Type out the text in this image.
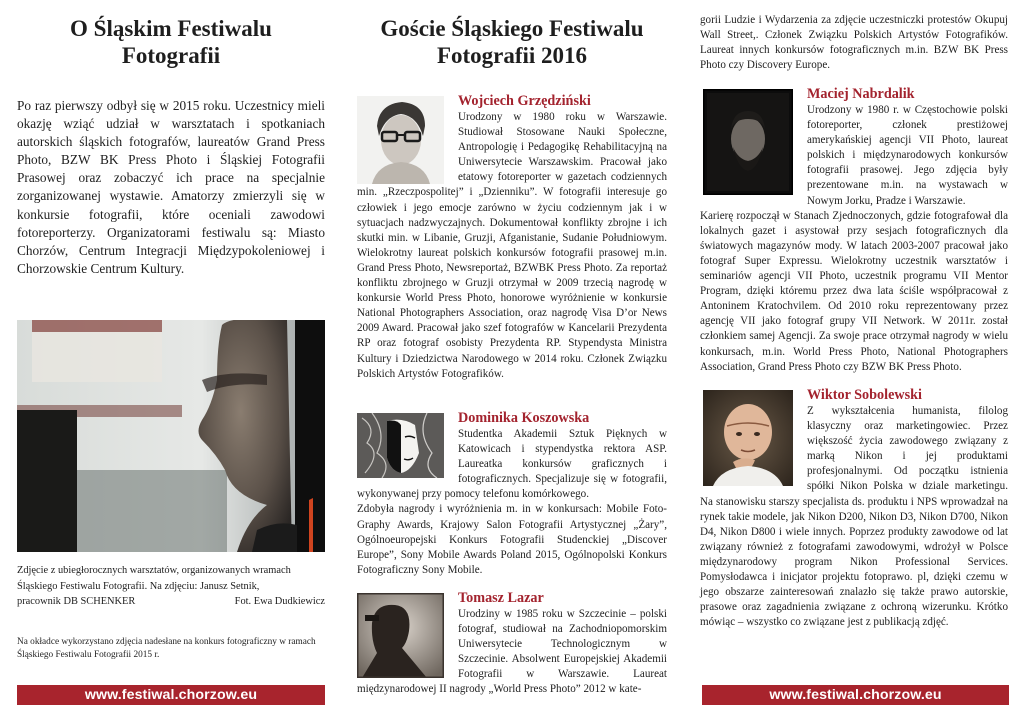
O Śląskim Festiwalu
Fotografii

Po raz pierwszy odbył się w 2015 roku. Uczestnicy mieli okazję wziąć udział w warsztatach i spotkaniach autorskich śląskich fotografów, laureatów Grand Press Photo, BZW BK Press Photo i Śląskiej Fotografii Prasowej oraz zobaczyć ich prace na specjalnie zorganizowanej wystawie. Amatorzy zmierzyli się w konkursie fotografii, które oceniali zawodowi fotoreporterzy. Organizatorami festiwalu są: Miasto Chorzów, Centrum Integracji Międzypokoleniowej i Chorzowskie Centrum Kultury.

Zdjęcie z ubiegłorocznych warsztatów, organizowanych wramach
Śląskiego Festiwalu Fotografii. Na zdjęciu: Janusz Setnik,
pracownik DB SCHENKER	Fot. Ewa Dudkiewicz

Na okładce wykorzystano zdjęcia nadesłane na konkurs fotograficzny w ramach Śląskiego Festiwalu Fotografii 2015 r.

www.festiwal.chorzow.eu
Goście Śląskiego Festiwalu
Fotografii 2016
Wojciech Grzędziński

Urodzony w 1980 roku w Warszawie. Studiował Stosowane Nauki Społeczne, Antropologię i Pedagogikę Rehabilitacyjną na Uniwersytecie Warszawskim. Pracował jako etatowy fotoreporter w gazetach codziennych min. „Rzeczpospolitej” i „Dzienniku”. W fotografii interesuje go człowiek i jego emocje zarówno w życiu codziennym jak i w sytuacjach nadzwyczajnych. Dokumentował konflikty zbrojne i ich skutki min. w Libanie, Gruzji, Afganistanie, Sudanie Południowym. Wielokrotny laureat polskich konkursów fotografii prasowej m.in. Grand Press Photo, Newsreportaż, BZWBK Press Photo. Za reportaż konfliktu zbrojnego w Gruzji otrzymał w 2009 trzecią nagrodę w konkursie World Press Photo, honorowe wyróżnienie w konkursie National Photographers Association, oraz nagrodę Visa D’or News 2009 Award. Pracował jako szef fotografów w Kancelarii Prezydenta RP oraz fotograf osobisty Prezydenta RP. Stypendysta Ministra Kultury i Dziedzictwa Narodowego w 2014 roku. Członek Związku Polskich Artystów Fotografików.

Dominika Koszowska

Studentka Akademii Sztuk Pięknych w Katowicach i stypendystka rektora ASP. Laureatka konkursów graficznych i fotograficznych. Specjalizuje się w fotografii, wykonywanej przy pomocy telefonu komórkowego.

Zdobyła nagrody i wyróżnienia m. in w konkursach: Mobile Foto-Graphy Awards, Krajowy Salon Fotografii Artystycznej „Żary”, Ogólnoeuropejski Konkurs Fotografii Studenckiej „Discover Europe”, Sony Mobile Awards Poland 2015, Ogólnopolski Konkurs Fotograficzny Sony Mobile.

Tomasz Lazar

Urodziny w 1985 roku w Szczecinie – polski fotograf, studiował na Zachodniopomorskim Uniwersytecie Technologicznym w Szczecinie. Absolwent Europejskiej Akademii Fotografii w Warszawie. Laureat międzynarodowej II nagrody „World Press Photo” 2012 w kate-

gorii Ludzie i Wydarzenia za zdjęcie uczestniczki protestów Okupuj Wall Street,. Członek Związku Polskich Artystów Fotografików. Laureat innych konkursów fotograficznych m.in. BZW BK Press Photo czy Discovery Europe.

Maciej Nabrdalik

Urodzony w 1980 r. w Częstochowie polski fotoreporter, członek prestiżowej amerykańskiej agencji VII Photo, laureat polskich i międzynarodowych konkursów fotografii prasowej. Jego zdjęcia były prezentowane m.in. na wystawach w Nowym Jorku, Pradze i Warszawie.

Karierę rozpoczął w Stanach Zjednoczonych, gdzie fotografował dla lokalnych gazet i asystował przy sesjach fotograficznych dla światowych magazynów mody. W latach 2003-2007 pracował jako fotograf Super Expressu. Wielokrotny uczestnik warsztatów i seminariów agencji VII Photo, uczestnik programu VII Mentor Program, dzięki któremu przez dwa lata ściśle współpracował z Antoninem Kratochvilem. Od 2010 roku reprezentowany przez agencję VII jako fotograf grupy VII Network. W 2011r. został członkiem samej Agencji. Za swoje prace otrzymał nagrody w wielu konkursach, m.in. World Press Photo, National Photographers Association, Grand Press Photo czy BZW BK Press Photo.

Wiktor Sobolewski

Z wykształcenia humanista, filolog klasyczny oraz marketingowiec. Przez większość życia zawodowego związany z marką Nikon i jej produktami profesjonalnymi. Od początku istnienia spółki Nikon Polska w dziale marketingu. Na stanowisku starszy specjalista ds. produktu i NPS wprowadzał na rynek takie modele, jak Nikon D200, Nikon D3, Nikon D700, Nikon D4, Nikon D800 i wiele innych. Poprzez produkty zawodowe od lat związany również z fotografami zawodowymi, wdrożył w Polsce międzynarodowy program Nikon Professional Services. Pomysłodawca i inicjator projektu fotoprawo. pl, dzięki czemu w jego obszarze zainteresowań znalazło się także prawo autorskie, prasowe oraz zagadnienia związane z ochroną wizerunku. Krótko mówiąc – wszystko co związane jest z publikacją zdjęć.

www.festiwal.chorzow.eu
